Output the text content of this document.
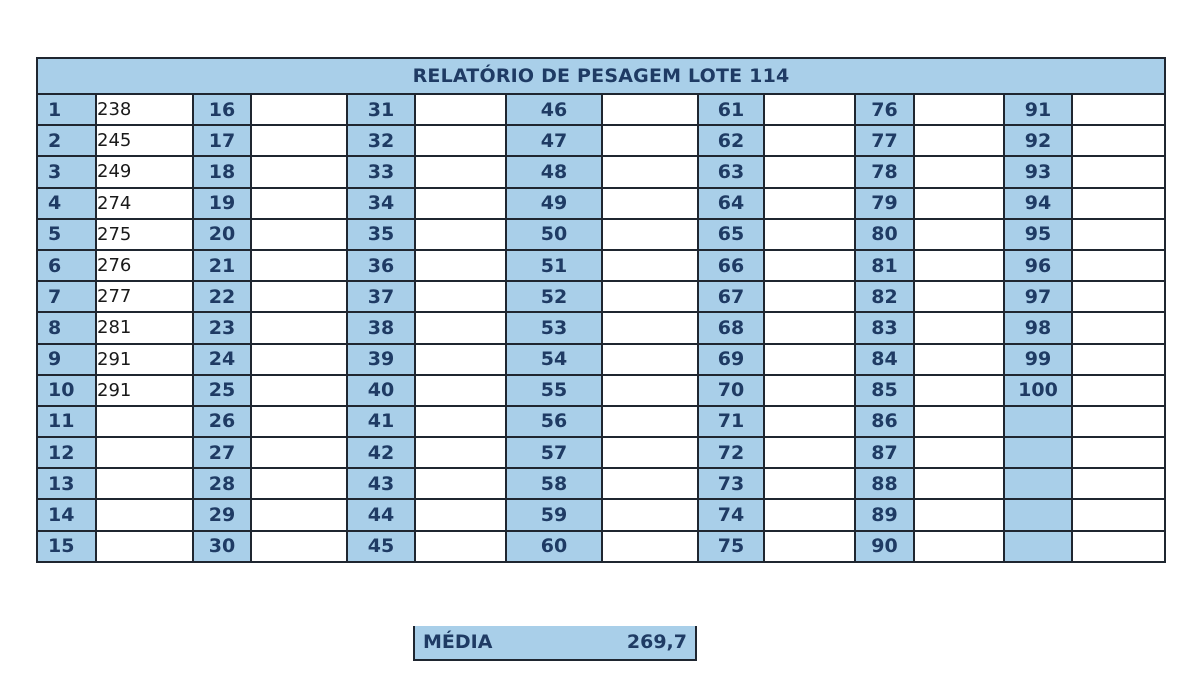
RELATÓRIO DE PESAGEM LOTE 114													
1	238	16		31		46		61		76		91	
2	245	17		32		47		62		77		92	
3	249	18		33		48		63		78		93	
4	274	19		34		49		64		79		94	
5	275	20		35		50		65		80		95	
6	276	21		36		51		66		81		96	
7	277	22		37		52		67		82		97	
8	281	23		38		53		68		83		98	
9	291	24		39		54		69		84		99	
10	291	25		40		55		70		85		100	
11		26		41		56		71		86			
12		27		42		57		72		87			
13		28		43		58		73		88			
14		29		44		59		74		89			
15		30		45		60		75		90			
MÉDIA	269,7
